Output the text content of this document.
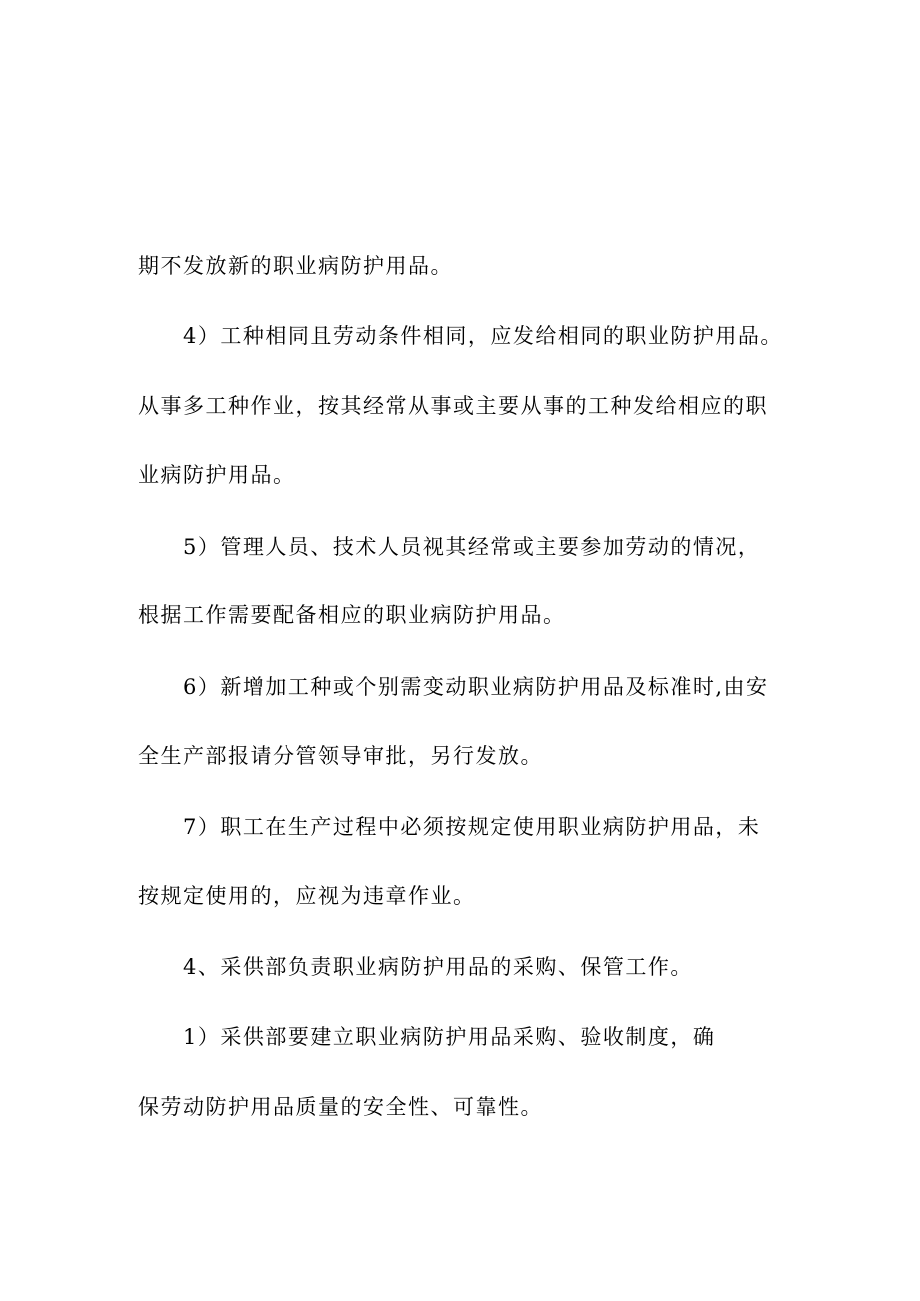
期不发放新的职业病防护用品。
4）工种相同且劳动条件相同，应发给相同的职业防护用品。
从事多工种作业，按其经常从事或主要从事的工种发给相应的职
业病防护用品。
5）管理人员、技术人员视其经常或主要参加劳动的情况，
根据工作需要配备相应的职业病防护用品。
6）新增加工种或个别需变动职业病防护用品及标准时,由安
全生产部报请分管领导审批，另行发放。
7）职工在生产过程中必须按规定使用职业病防护用品，未
按规定使用的，应视为违章作业。
4、采供部负责职业病防护用品的采购、保管工作。
1）采供部要建立职业病防护用品采购、验收制度，确
保劳动防护用品质量的安全性、可靠性。
